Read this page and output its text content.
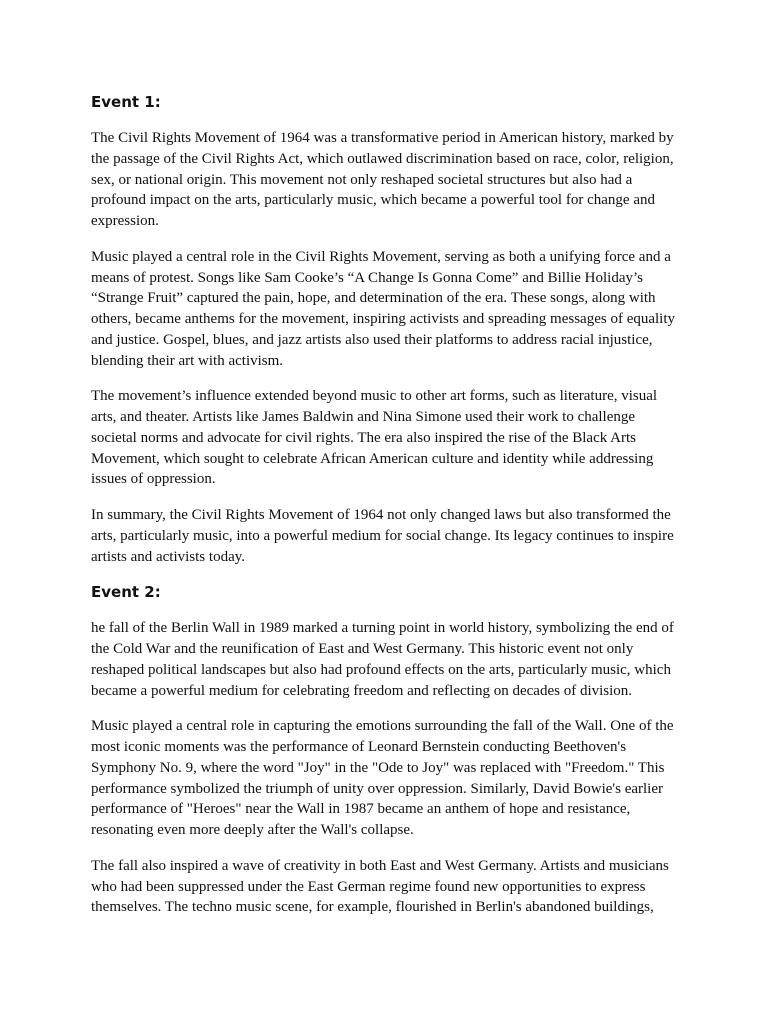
Event 1:

The Civil Rights Movement of 1964 was a transformative period in American history, marked by the passage of the Civil Rights Act, which outlawed discrimination based on race, color, religion, sex, or national origin. This movement not only reshaped societal structures but also had a profound impact on the arts, particularly music, which became a powerful tool for change and expression.

Music played a central role in the Civil Rights Movement, serving as both a unifying force and a means of protest. Songs like Sam Cooke’s “A Change Is Gonna Come” and Billie Holiday’s “Strange Fruit” captured the pain, hope, and determination of the era. These songs, along with others, became anthems for the movement, inspiring activists and spreading messages of equality and justice. Gospel, blues, and jazz artists also used their platforms to address racial injustice, blending their art with activism.

The movement’s influence extended beyond music to other art forms, such as literature, visual arts, and theater. Artists like James Baldwin and Nina Simone used their work to challenge societal norms and advocate for civil rights. The era also inspired the rise of the Black Arts Movement, which sought to celebrate African American culture and identity while addressing issues of oppression.

In summary, the Civil Rights Movement of 1964 not only changed laws but also transformed the arts, particularly music, into a powerful medium for social change. Its legacy continues to inspire artists and activists today.

Event 2:

he fall of the Berlin Wall in 1989 marked a turning point in world history, symbolizing the end of the Cold War and the reunification of East and West Germany. This historic event not only reshaped political landscapes but also had profound effects on the arts, particularly music, which became a powerful medium for celebrating freedom and reflecting on decades of division.

Music played a central role in capturing the emotions surrounding the fall of the Wall. One of the most iconic moments was the performance of Leonard Bernstein conducting Beethoven's Symphony No. 9, where the word "Joy" in the "Ode to Joy" was replaced with "Freedom." This performance symbolized the triumph of unity over oppression. Similarly, David Bowie's earlier performance of "Heroes" near the Wall in 1987 became an anthem of hope and resistance, resonating even more deeply after the Wall's collapse.

The fall also inspired a wave of creativity in both East and West Germany. Artists and musicians who had been suppressed under the East German regime found new opportunities to express themselves. The techno music scene, for example, flourished in Berlin's abandoned buildings,
